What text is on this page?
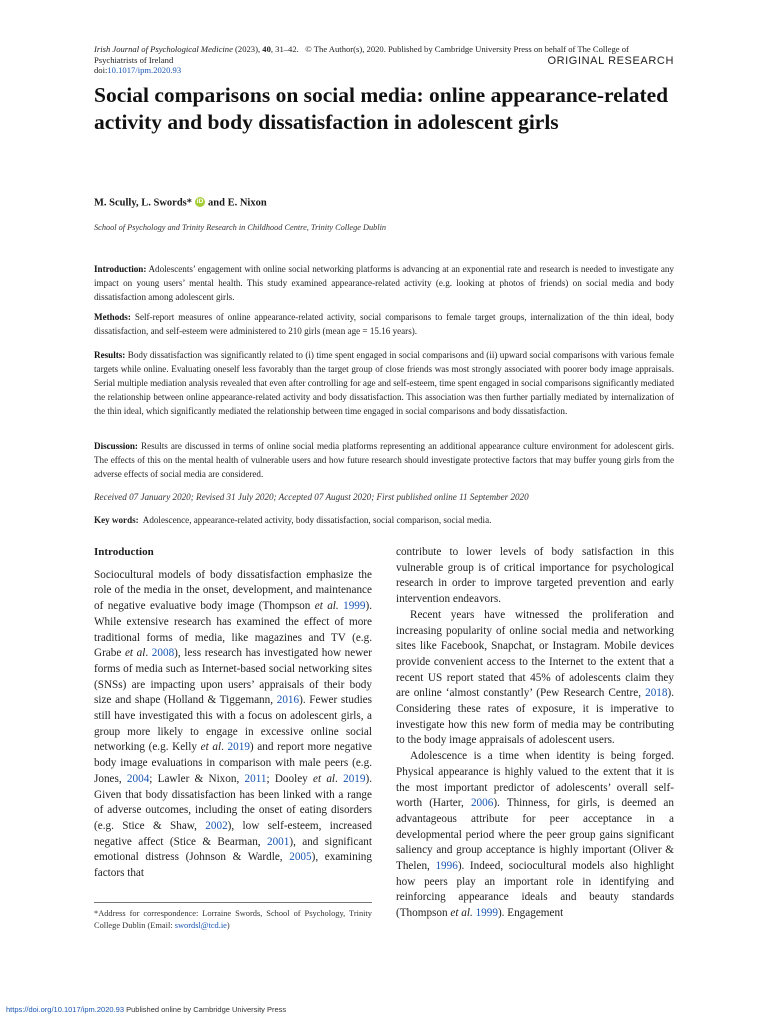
Irish Journal of Psychological Medicine (2023), 40, 31–42. © The Author(s), 2020. Published by Cambridge University Press on behalf of The College of
Psychiatrists of Ireland
doi:10.1017/ipm.2020.93
ORIGINAL RESEARCH
Social comparisons on social media: online appearance-related activity and body dissatisfaction in adolescent girls
M. Scully, L. Swords* iD and E. Nixon
School of Psychology and Trinity Research in Childhood Centre, Trinity College Dublin
Introduction: Adolescents’ engagement with online social networking platforms is advancing at an exponential rate and research is needed to investigate any impact on young users’ mental health. This study examined appearance-related activity (e.g. looking at photos of friends) on social media and body dissatisfaction among adolescent girls.
Methods: Self-report measures of online appearance-related activity, social comparisons to female target groups, internalization of the thin ideal, body dissatisfaction, and self-esteem were administered to 210 girls (mean age = 15.16 years).
Results: Body dissatisfaction was significantly related to (i) time spent engaged in social comparisons and (ii) upward social comparisons with various female targets while online. Evaluating oneself less favorably than the target group of close friends was most strongly associated with poorer body image appraisals. Serial multiple mediation analysis revealed that even after controlling for age and self-esteem, time spent engaged in social comparisons significantly mediated the relationship between online appearance-related activity and body dissatisfaction. This association was then further partially mediated by internalization of the thin ideal, which significantly mediated the relationship between time engaged in social comparisons and body dissatisfaction.
Discussion: Results are discussed in terms of online social media platforms representing an additional appearance culture environment for adolescent girls. The effects of this on the mental health of vulnerable users and how future research should investigate protective factors that may buffer young girls from the adverse effects of social media are considered.
Received 07 January 2020; Revised 31 July 2020; Accepted 07 August 2020; First published online 11 September 2020
Key words: Adolescence, appearance-related activity, body dissatisfaction, social comparison, social media.
Introduction

Sociocultural models of body dissatisfaction emphasize the role of the media in the onset, development, and maintenance of negative evaluative body image (Thompson et al. 1999). While extensive research has examined the effect of more traditional forms of media, like magazines and TV (e.g. Grabe et al. 2008), less research has investigated how newer forms of media such as Internet-based social networking sites (SNSs) are impacting upon users’ appraisals of their body size and shape (Holland & Tiggemann, 2016). Fewer studies still have investigated this with a focus on adolescent girls, a group more likely to engage in excessive online social networking (e.g. Kelly et al. 2019) and report more negative body image evaluations in comparison with male peers (e.g. Jones, 2004; Lawler & Nixon, 2011; Dooley et al. 2019). Given that body dissatisfaction has been linked with a range of adverse outcomes, including the onset of eating disorders (e.g. Stice & Shaw, 2002), low self-esteem, increased negative affect (Stice & Bearman, 2001), and significant emotional distress (Johnson & Wardle, 2005), examining factors that

contribute to lower levels of body satisfaction in this vulnerable group is of critical importance for psychological research in order to improve targeted prevention and early intervention endeavors.

Recent years have witnessed the proliferation and increasing popularity of online social media and networking sites like Facebook, Snapchat, or Instagram. Mobile devices provide convenient access to the Internet to the extent that a recent US report stated that 45% of adolescents claim they are online ‘almost constantly’ (Pew Research Centre, 2018). Considering these rates of exposure, it is imperative to investigate how this new form of media may be contributing to the body image appraisals of adolescent users.

Adolescence is a time when identity is being forged. Physical appearance is highly valued to the extent that it is the most important predictor of adolescents’ overall self-worth (Harter, 2006). Thinness, for girls, is deemed an advantageous attribute for peer acceptance in a developmental period where the peer group gains significant saliency and group acceptance is highly important (Oliver & Thelen, 1996). Indeed, sociocultural models also highlight how peers play an important role in identifying and reinforcing appearance ideals and beauty standards (Thompson et al. 1999). Engagement

*Address for correspondence: Lorraine Swords, School of Psychology, Trinity College Dublin (Email: swordsl@tcd.ie)
https://doi.org/10.1017/ipm.2020.93 Published online by Cambridge University Press
